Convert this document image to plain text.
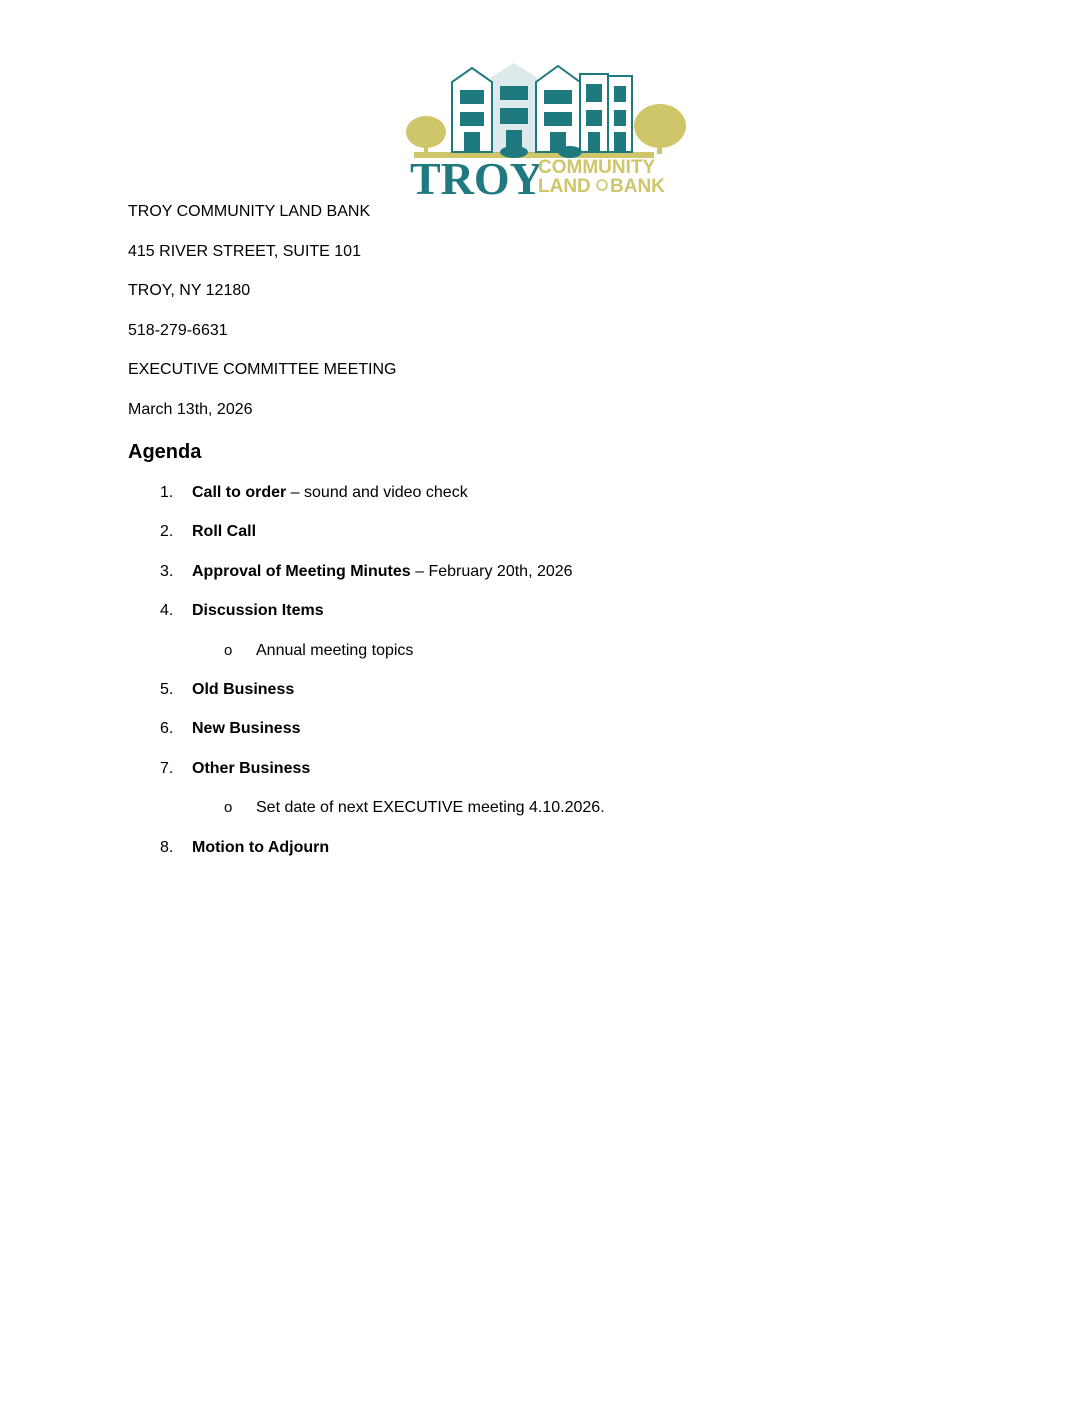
TROY
COMMUNITY
LAND BANK
TROY COMMUNITY LAND BANK
415 RIVER STREET, SUITE 101
TROY, NY 12180
518-279-6631
EXECUTIVE COMMITTEE MEETING
March 13th, 2026
Agenda
1. Call to order – sound and video check
2. Roll Call
3. Approval of Meeting Minutes – February 20th, 2026
4. Discussion Items
o Annual meeting topics
5. Old Business
6. New Business
7. Other Business
o Set date of next EXECUTIVE meeting 4.10.2026.
8. Motion to Adjourn
